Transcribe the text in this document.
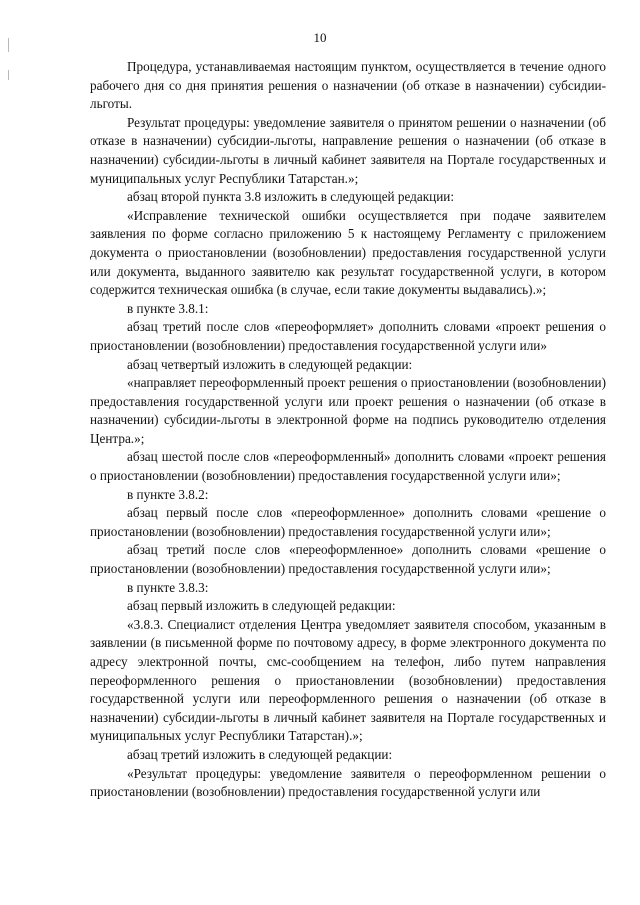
10

Процедура, устанавливаемая настоящим пунктом, осуществляется в течение одного рабочего дня со дня принятия решения о назначении (об отказе в назначении) субсидии-льготы.

Результат процедуры: уведомление заявителя о принятом решении о назначении (об отказе в назначении) субсидии-льготы, направление решения о назначении (об отказе в назначении) субсидии-льготы в личный кабинет заявителя на Портале государственных и муниципальных услуг Республики Татарстан.»;

абзац второй пункта 3.8 изложить в следующей редакции:

«Исправление технической ошибки осуществляется при подаче заявителем заявления по форме согласно приложению 5 к настоящему Регламенту с приложением документа о приостановлении (возобновлении) предоставления государственной услуги или документа, выданного заявителю как результат государственной услуги, в котором содержится техническая ошибка (в случае, если такие документы выдавались).»;

в пункте 3.8.1:

абзац третий после слов «переоформляет» дополнить словами «проект решения о приостановлении (возобновлении) предоставления государственной услуги или»

абзац четвертый изложить в следующей редакции:

«направляет переоформленный проект решения о приостановлении (возобновлении) предоставления государственной услуги или проект решения о назначении (об отказе в назначении) субсидии-льготы в электронной форме на подпись руководителю отделения Центра.»;

абзац шестой после слов «переоформленный» дополнить словами «проект решения о приостановлении (возобновлении) предоставления государственной услуги или»;

в пункте 3.8.2:

абзац первый после слов «переоформленное» дополнить словами «решение о приостановлении (возобновлении) предоставления государственной услуги или»;

абзац третий после слов «переоформленное» дополнить словами «решение о приостановлении (возобновлении) предоставления государственной услуги или»;

в пункте 3.8.3:

абзац первый изложить в следующей редакции:

«3.8.3. Специалист отделения Центра уведомляет заявителя способом, указанным в заявлении (в письменной форме по почтовому адресу, в форме электронного документа по адресу электронной почты, смс-сообщением на телефон, либо путем направления переоформленного решения о приостановлении (возобновлении) предоставления государственной услуги или переоформленного решения о назначении (об отказе в назначении) субсидии-льготы в личный кабинет заявителя на Портале государственных и муниципальных услуг Республики Татарстан).»;

абзац третий изложить в следующей редакции:

«Результат процедуры: уведомление заявителя о переоформленном решении о приостановлении (возобновлении) предоставления государственной услуги или
